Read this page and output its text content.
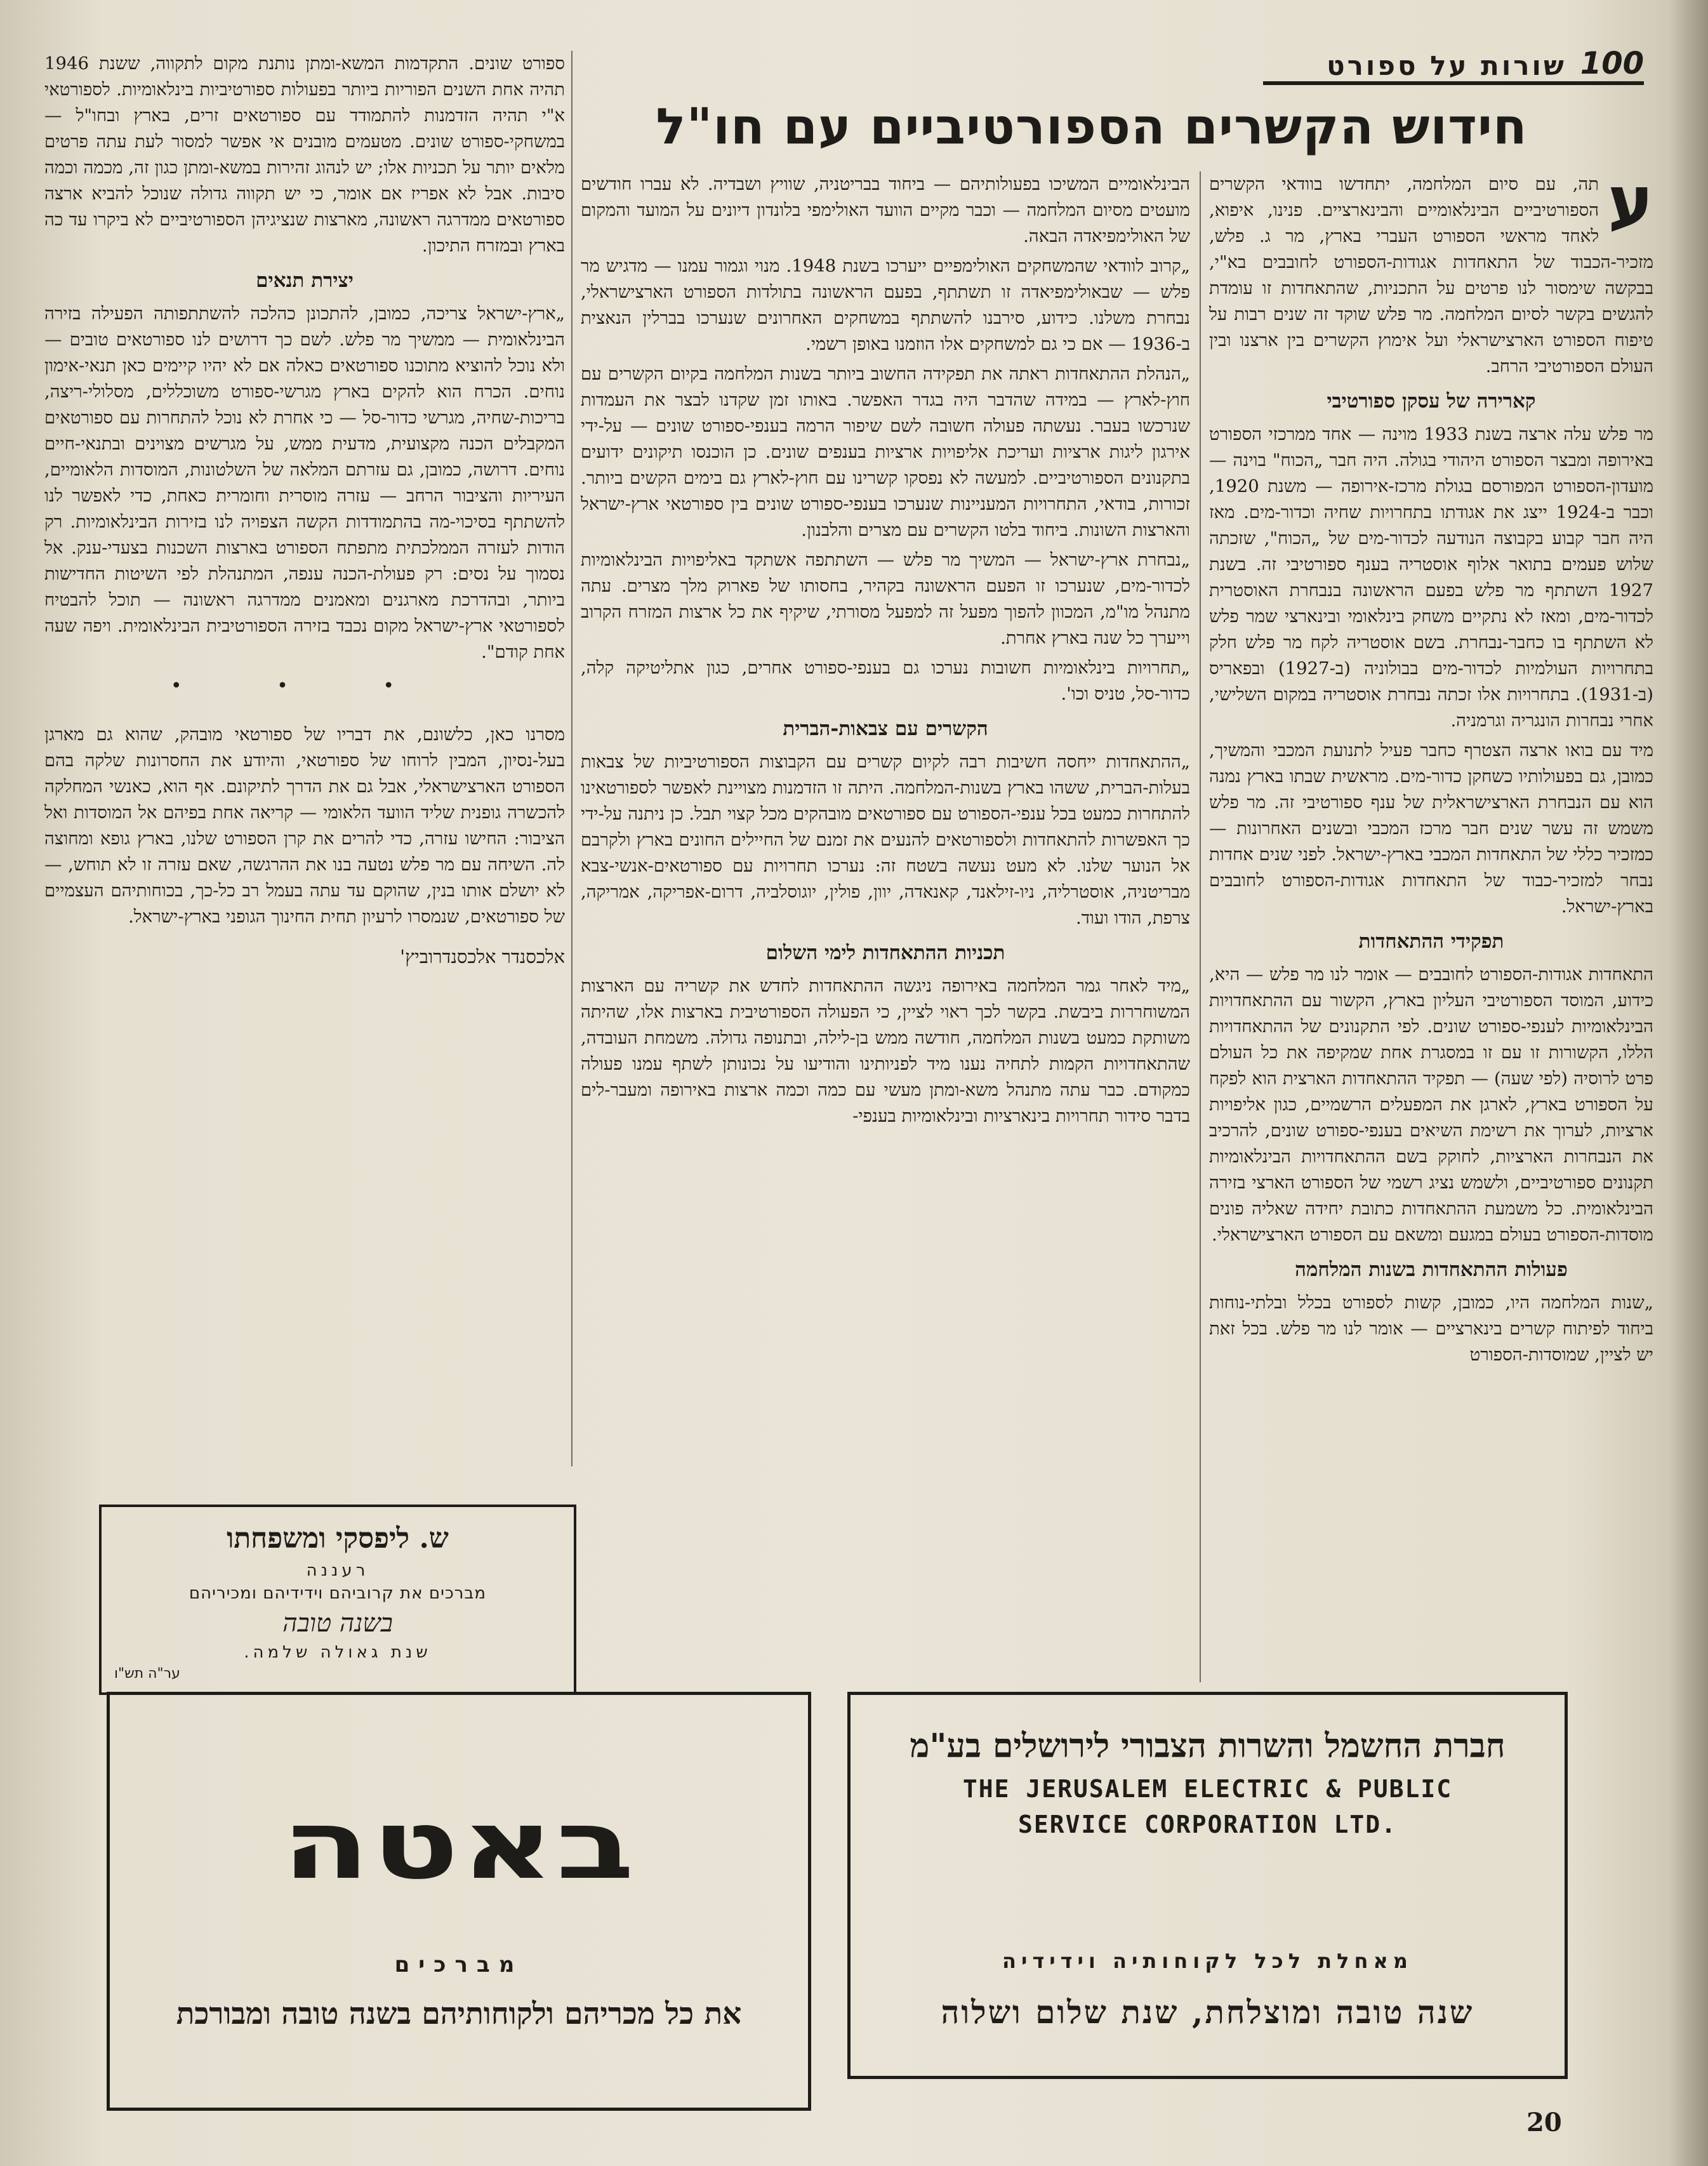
100
שורות על ספורט
חידוש הקשרים הספורטיביים עם חו"ל

ע
תה, עם סיום המלחמה, יתחדשו בוודאי הקשרים הספורטיביים הבינלאומיים והבינארציים. פנינו, איפוא, לאחד מראשי הספורט העברי בארץ, מר ג. פלש, מזכיר-הכבוד של התאחדות אגודות-הספורט לחובבים בא"י, בבקשה שימסור לנו פרטים על התכניות, שהתאחדות זו עומדת להגשים בקשר לסיום המלחמה. מר פלש שוקד זה שנים רבות על טיפוח הספורט הארצישראלי ועל אימוץ הקשרים בין ארצנו ובין העולם הספורטיבי הרחב.

קארירה של עסקן ספורטיבי

מר פלש עלה ארצה בשנת 1933 מוינה — אחד ממרכזי הספורט באירופה ומבצר הספורט היהודי בגולה. היה חבר „הכוח" בוינה — מועדון-הספורט המפורסם בגולת מרכז-אירופה — משנת 1920, וכבר ב-1924 ייצג את אגודתו בתחרויות שחיה וכדור-מים. מאז היה חבר קבוע בקבוצה הנודעה לכדור-מים של „הכוח", שזכתה שלוש פעמים בתואר אלוף אוסטריה בענף ספורטיבי זה. בשנת 1927 השתתף מר פלש בפעם הראשונה בנבחרת האוסטרית לכדור-מים, ומאז לא נתקיים משחק בינלאומי ובינארצי שמר פלש לא השתתף בו כחבר-נבחרת. בשם אוסטריה לקח מר פלש חלק בתחרויות העולמיות לכדור-מים בבולוניה (ב-1927) ובפאריס (ב-1931). בתחרויות אלו זכתה נבחרת אוסטריה במקום השלישי, אחרי נבחרות הונגריה וגרמניה.

מיד עם בואו ארצה הצטרף כחבר פעיל לתנועת המכבי והמשיך, כמובן, גם בפעולותיו כשחקן כדור-מים. מראשית שבתו בארץ נמנה הוא עם הנבחרת הארצישראלית של ענף ספורטיבי זה. מר פלש משמש זה עשר שנים חבר מרכז המכבי ובשנים האחרונות — כמזכיר כללי של התאחדות המכבי בארץ-ישראל. לפני שנים אחדות נבחר למזכיר-כבוד של התאחדות אגודות-הספורט לחובבים בארץ-ישראל.

תפקידי ההתאחדות

התאחדות אגודות-הספורט לחובבים — אומר לנו מר פלש — היא, כידוע, המוסד הספורטיבי העליון בארץ, הקשור עם ההתאחדויות הבינלאומיות לענפי-ספורט שונים. לפי התקנונים של ההתאחדויות הללו, הקשורות זו עם זו במסגרת אחת שמקיפה את כל העולם פרט לרוסיה (לפי שעה) — תפקיד ההתאחדות הארצית הוא לפקח על הספורט בארץ, לארגן את המפעלים הרשמיים, כגון אליפויות ארציות, לערוך את רשימת השיאים בענפי-ספורט שונים, להרכיב את הנבחרות הארציות, לחוקק בשם ההתאחדויות הבינלאומיות תקנונים ספורטיביים, ולשמש נציג רשמי של הספורט הארצי בזירה הבינלאומית. כל משמעת ההתאחדות כתובת יחידה שאליה פונים מוסדות-הספורט בעולם במגעם ומשאם עם הספורט הארצישראלי.

פעולות ההתאחדות בשנות המלחמה

„שנות המלחמה היו, כמובן, קשות לספורט בכלל ובלתי-נוחות ביחוד לפיתוח קשרים בינארציים — אומר לנו מר פלש. בכל זאת יש לציין, שמוסדות-הספורט

הבינלאומיים המשיכו בפעולותיהם — ביחוד בבריטניה, שוויץ ושבדיה. לא עברו חודשים מועטים מסיום המלחמה — וכבר מקיים הוועד האולימפי בלונדון דיונים על המועד והמקום של האולימפיאדה הבאה.

„קרוב לוודאי שהמשחקים האולימפיים ייערכו בשנת 1948. מנוי וגמור עמנו — מדגיש מר פלש — שבאולימפיאדה זו תשתתף, בפעם הראשונה בתולדות הספורט הארצישראלי, נבחרת משלנו. כידוע, סירבנו להשתתף במשחקים האחרונים שנערכו בברלין הנאצית ב-1936 — אם כי גם למשחקים אלו הוזמנו באופן רשמי.

„הנהלת ההתאחדות ראתה את תפקידה החשוב ביותר בשנות המלחמה בקיום הקשרים עם חוץ-לארץ — במידה שהדבר היה בגדר האפשר. באותו זמן שקדנו לבצר את העמדות שנרכשו בעבר. נעשתה פעולה חשובה לשם שיפור הרמה בענפי-ספורט שונים — על-ידי אירגון ליגות ארציות ועריכת אליפויות ארציות בענפים שונים. כן הוכנסו תיקונים ידועים בתקנונים הספורטיביים. למעשה לא נפסקו קשרינו עם חוץ-לארץ גם בימים הקשים ביותר. זכורות, בודאי, התחרויות המעניינות שנערכו בענפי-ספורט שונים בין ספורטאי ארץ-ישראל והארצות השונות. ביחוד בלטו הקשרים עם מצרים והלבנון.

„נבחרת ארץ-ישראל — המשיך מר פלש — השתתפה אשתקד באליפויות הבינלאומיות לכדור-מים, שנערכו זו הפעם הראשונה בקהיר, בחסותו של פארוק מלך מצרים. עתה מתנהל מו"מ, המכוון להפוך מפעל זה למפעל מסורתי, שיקיף את כל ארצות המזרח הקרוב וייערך כל שנה בארץ אחרת.

„תחרויות בינלאומיות חשובות נערכו גם בענפי-ספורט אחרים, כגון אתליטיקה קלה, כדור-סל, טניס וכו'.

הקשרים עם צבאות-הברית

„ההתאחדות ייחסה חשיבות רבה לקיום קשרים עם הקבוצות הספורטיביות של צבאות בעלות-הברית, ששהו בארץ בשנות-המלחמה. היתה זו הזדמנות מצויינת לאפשר לספורטאינו להתחרות כמעט בכל ענפי-הספורט עם ספורטאים מובהקים מכל קצוי תבל. כן ניתנה על-ידי כך האפשרות להתאחדות ולספורטאים להנעים את זמנם של החיילים החונים בארץ ולקרבם אל הנוער שלנו. לא מעט נעשה בשטח זה: נערכו תחרויות עם ספורטאים-אנשי-צבא מבריטניה, אוסטרליה, ניו-זילאנד, קאנאדה, יוון, פולין, יוגוסלביה, דרום-אפריקה, אמריקה, צרפת, הודו ועוד.

תכניות ההתאחדות לימי השלום

„מיד לאחר גמר המלחמה באירופה ניגשה ההתאחדות לחדש את קשריה עם הארצות המשוחררות ביבשת. בקשר לכך ראוי לציין, כי הפעולה הספורטיבית בארצות אלו, שהיתה משותקת כמעט בשנות המלחמה, חודשה ממש בן-לילה, ובתנופה גדולה. משמחת העובדה, שהתאחדויות הקמות לתחיה נענו מיד לפניותינו והודיעו על נכונותן לשתף עמנו פעולה כמקודם. כבר עתה מתנהל משא-ומתן מעשי עם כמה וכמה ארצות באירופה ומעבר-לים בדבר סידור תחרויות בינארציות ובינלאומיות בענפי-

ספורט שונים. התקדמות המשא-ומתן נותנת מקום לתקווה, ששנת 1946 תהיה אחת השנים הפוריות ביותר בפעולות ספורטיביות בינלאומיות. לספורטאי א"י תהיה הזדמנות להתמודד עם ספורטאים זרים, בארץ ובחו"ל — במשחקי-ספורט שונים. מטעמים מובנים אי אפשר למסור לעת עתה פרטים מלאים יותר על תכניות אלו; יש לנהוג זהירות במשא-ומתן כגון זה, מכמה וכמה סיבות. אבל לא אפריז אם אומר, כי יש תקווה גדולה שנוכל להביא ארצה ספורטאים ממדרגה ראשונה, מארצות שנציגיהן הספורטיביים לא ביקרו עד כה בארץ ובמזרח התיכון.

יצירת תנאים

„ארץ-ישראל צריכה, כמובן, להתכונן כהלכה להשתתפותה הפעילה בזירה הבינלאומית — ממשיך מר פלש. לשם כך דרושים לנו ספורטאים טובים — ולא נוכל להוציא מתוכנו ספורטאים כאלה אם לא יהיו קיימים כאן תנאי-אימון נוחים. הכרח הוא להקים בארץ מגרשי-ספורט משוכללים, מסלולי-ריצה, בריכות-שחיה, מגרשי כדור-סל — כי אחרת לא נוכל להתחרות עם ספורטאים המקבלים הכנה מקצועית, מדעית ממש, על מגרשים מצוינים ובתנאי-חיים נוחים. דרושה, כמובן, גם עזרתם המלאה של השלטונות, המוסדות הלאומיים, העיריות והציבור הרחב — עזרה מוסרית וחומרית כאחת, כדי לאפשר לנו להשתתף בסיכוי-מה בהתמודדות הקשה הצפויה לנו בזירות הבינלאומיות. רק הודות לעזרה הממלכתית מתפתח הספורט בארצות השכנות בצעדי-ענק. אל נסמוך על נסים: רק פעולת-הכנה ענפה, המתנהלת לפי השיטות החדישות ביותר, ובהדרכת מארגנים ומאמנים ממדרגה ראשונה — תוכל להבטיח לספורטאי ארץ-ישראל מקום נכבד בזירה הספורטיבית הבינלאומית. ויפה שעה אחת קודם".

• • •

מסרנו כאן, כלשונם, את דבריו של ספורטאי מובהק, שהוא גם מארגן בעל-נסיון, המבין לרוחו של ספורטאי, והיודע את החסרונות שלקה בהם הספורט הארצישראלי, אבל גם את הדרך לתיקונם. אף הוא, כאנשי המחלקה להכשרה גופנית שליד הוועד הלאומי — קריאה אחת בפיהם אל המוסדות ואל הציבור: החישו עזרה, כדי להרים את קרן הספורט שלנו, בארץ גופא ומחוצה לה. השיחה עם מר פלש נטעה בנו את ההרגשה, שאם עזרה זו לא תוחש, — לא יושלם אותו בנין, שהוקם עד עתה בעמל רב כל-כך, בכוחותיהם העצמיים של ספורטאים, שנמסרו לרעיון תחית החינוך הגופני בארץ-ישראל.

אלכסנדר אלכסנדרוביץ'
ש. ליפסקי ומשפחתו
רעננה
מברכים את קרוביהם וידידיהם ומכיריהם
בשנה טובה
שנת גאולה שלמה.
ער"ה תש"ו
באטה
מברכים
את כל מכריהם ולקוחותיהם בשנה טובה ומבורכת
חברת החשמל והשרות הצבורי לירושלים בע"מ
THE JERUSALEM ELECTRIC & PUBLIC
SERVICE CORPORATION LTD.
מאחלת לכל לקוחותיה וידידיה
שנה טובה ומוצלחת, שנת שלום ושלוה
20
